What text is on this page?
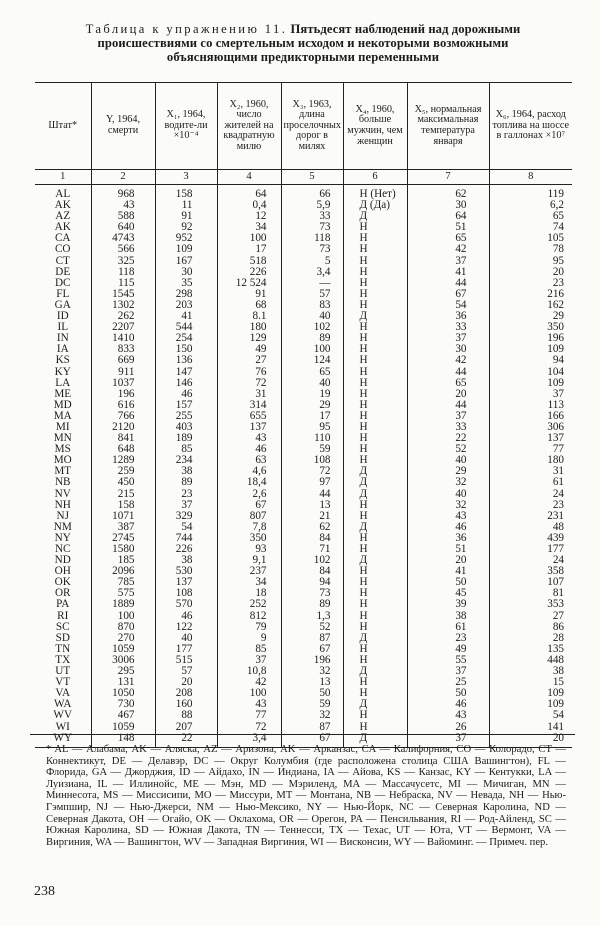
Таблица к упражнению 11. Пятьдесят наблюдений над дорожными
происшествиями со смертельным исходом и некоторыми возможными
объясняющими предикторными переменными
Штат*	Y, 1964, смерти	X₁, 1964, водите-ли ×10⁻⁴	X₂, 1960, число жителей на квадратную милю	X₃, 1963, длина проселочных дорог в милях	X₄, 1960, больше мужчин, чем женщин	X₅, нормальная максимальная температура января	X₆, 1964, расход топлива на шоссе в галлонах ×10⁷
1	2	3	4	5	6	7	8
AL	968	158	64	66	Н (Нет)	62	119
AK	43	11	0,4	5,9	Д (Да)	30	6,2
AZ	588	91	12	33	Д	64	65
AK	640	92	34	73	Н	51	74
CA	4743	952	100	118	Н	65	105
CO	566	109	17	73	Н	42	78
CT	325	167	518	5	Н	37	95
DE	118	30	226	3,4	Н	41	20
DC	115	35	12 524	—	Н	44	23
FL	1545	298	91	57	Н	67	216
GA	1302	203	68	83	Н	54	162
ID	262	41	8.1	40	Д	36	29
IL	2207	544	180	102	Н	33	350
IN	1410	254	129	89	Н	37	196
IA	833	150	49	100	Н	30	109
KS	669	136	27	124	Н	42	94
KY	911	147	76	65	Н	44	104
LA	1037	146	72	40	Н	65	109
ME	196	46	31	19	Н	20	37
MD	616	157	314	29	Н	44	113
MA	766	255	655	17	Н	37	166
MI	2120	403	137	95	Н	33	306
MN	841	189	43	110	Н	22	137
MS	648	85	46	59	Н	52	77
MO	1289	234	63	108	Н	40	180
MT	259	38	4,6	72	Д	29	31
NB	450	89	18,4	97	Д	32	61
NV	215	23	2,6	44	Д	40	24
NH	158	37	67	13	Н	32	23
NJ	1071	329	807	21	Н	43	231
NM	387	54	7,8	62	Д	46	48
NY	2745	744	350	84	Н	36	439
NC	1580	226	93	71	Н	51	177
ND	185	38	9,1	102	Д	20	24
OH	2096	530	237	84	Н	41	358
OK	785	137	34	94	Н	50	107
OR	575	108	18	73	Н	45	81
PA	1889	570	252	89	Н	39	353
RI	100	46	812	1,3	Н	38	27
SC	870	122	79	52	Н	61	86
SD	270	40	9	87	Д	23	28
TN	1059	177	85	67	Н	49	135
TX	3006	515	37	196	Н	55	448
UT	295	57	10,8	32	Д	37	38
VT	131	20	42	13	Н	25	15
VA	1050	208	100	50	Н	50	109
WA	730	160	43	59	Д	46	109
WV	467	88	77	32	Н	43	54
WI	1059	207	72	87	Н	26	141
WY	148	22	3,4	67	Д	37	20
* AL — Алабама, AK — Аляска, AZ — Аризона, AK — Арканзас, CA — Калифорния, CO — Колорадо, CT — Коннектикут, DE — Делавэр, DC — Округ Колумбия (где расположена столица США Вашингтон), FL — Флорида, GA — Джорджия, ID — Айдахо, IN — Индиана, IA — Айова, KS — Канзас, KY — Кентукки, LA — Луизиана, IL — Иллинойс, ME — Мэн, MD — Мэриленд, MA — Массачусетс, MI — Мичиган, MN — Миннесота, MS — Миссисипи, MO — Миссури, MT — Монтана, NB — Небраска, NV — Невада, NH — Нью-Гэмпшир, NJ — Нью-Джерси, NM — Нью-Мексико, NY — Нью-Йорк, NC — Северная Каролина, ND — Северная Дакота, OH — Огайо, OK — Оклахома, OR — Орегон, PA — Пенсильвания, RI — Род-Айленд, SC — Южная Каролина, SD — Южная Дакота, TN — Теннесси, TX — Техас, UT — Юта, VT — Вермонт, VA — Виргиния, WA — Вашингтон, WV — Западная Виргиния, WI — Висконсин, WY — Вайоминг. — Примеч. пер.
238
